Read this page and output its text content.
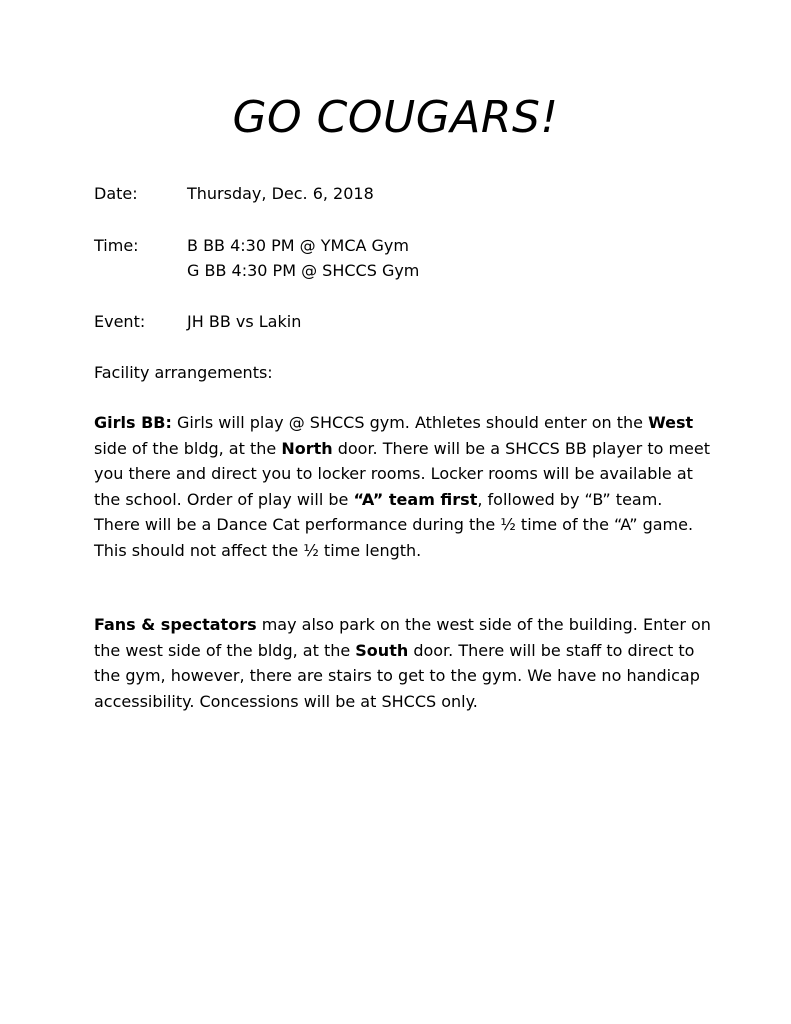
GO COUGARS!
Date:	Thursday, Dec. 6, 2018
Time:	B BB 4:30 PM @ YMCA Gym
G BB 4:30 PM @ SHCCS Gym
Event:	JH BB vs Lakin
Facility arrangements:

Girls BB: Girls will play @ SHCCS gym. Athletes should enter on the West side of the bldg, at the North door. There will be a SHCCS BB player to meet you there and direct you to locker rooms. Locker rooms will be available at the school. Order of play will be “A” team first, followed by “B” team.

There will be a Dance Cat performance during the ½ time of the “A” game. This should not affect the ½ time length.

Fans & spectators may also park on the west side of the building. Enter on the west side of the bldg, at the South door. There will be staff to direct to the gym, however, there are stairs to get to the gym. We have no handicap accessibility. Concessions will be at SHCCS only.
